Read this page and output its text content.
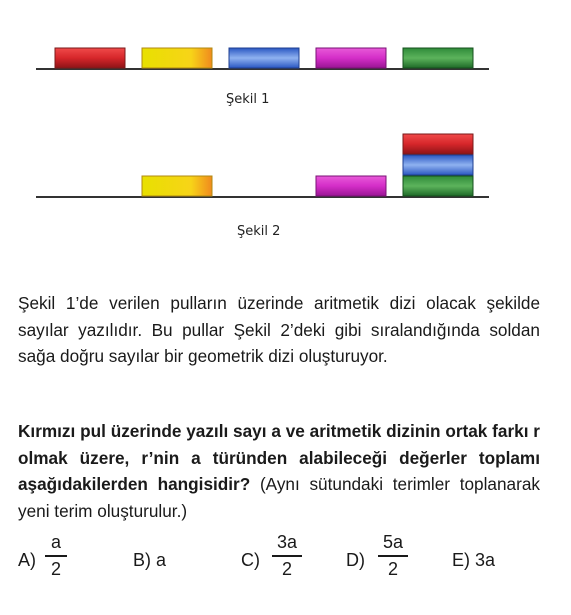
Şekil 1
Şekil 2
Şekil 1’de verilen pulların üzerinde aritmetik dizi olacak şekilde sayılar yazılıdır. Bu pullar Şekil 2’deki gibi sıralandığında soldan sağa doğru sayılar bir geometrik dizi oluşturuyor.
Kırmızı pul üzerinde yazılı sayı a ve aritmetik dizinin ortak farkı r olmak üzere, r’nin a türünden alabileceği değerler toplamı aşağıdakilerden hangisidir? (Aynı sütundaki terimler toplanarak yeni terim oluşturulur.)
A)
a
2	B) a	C)
3a
2	D)
5a
2	E) 3a
